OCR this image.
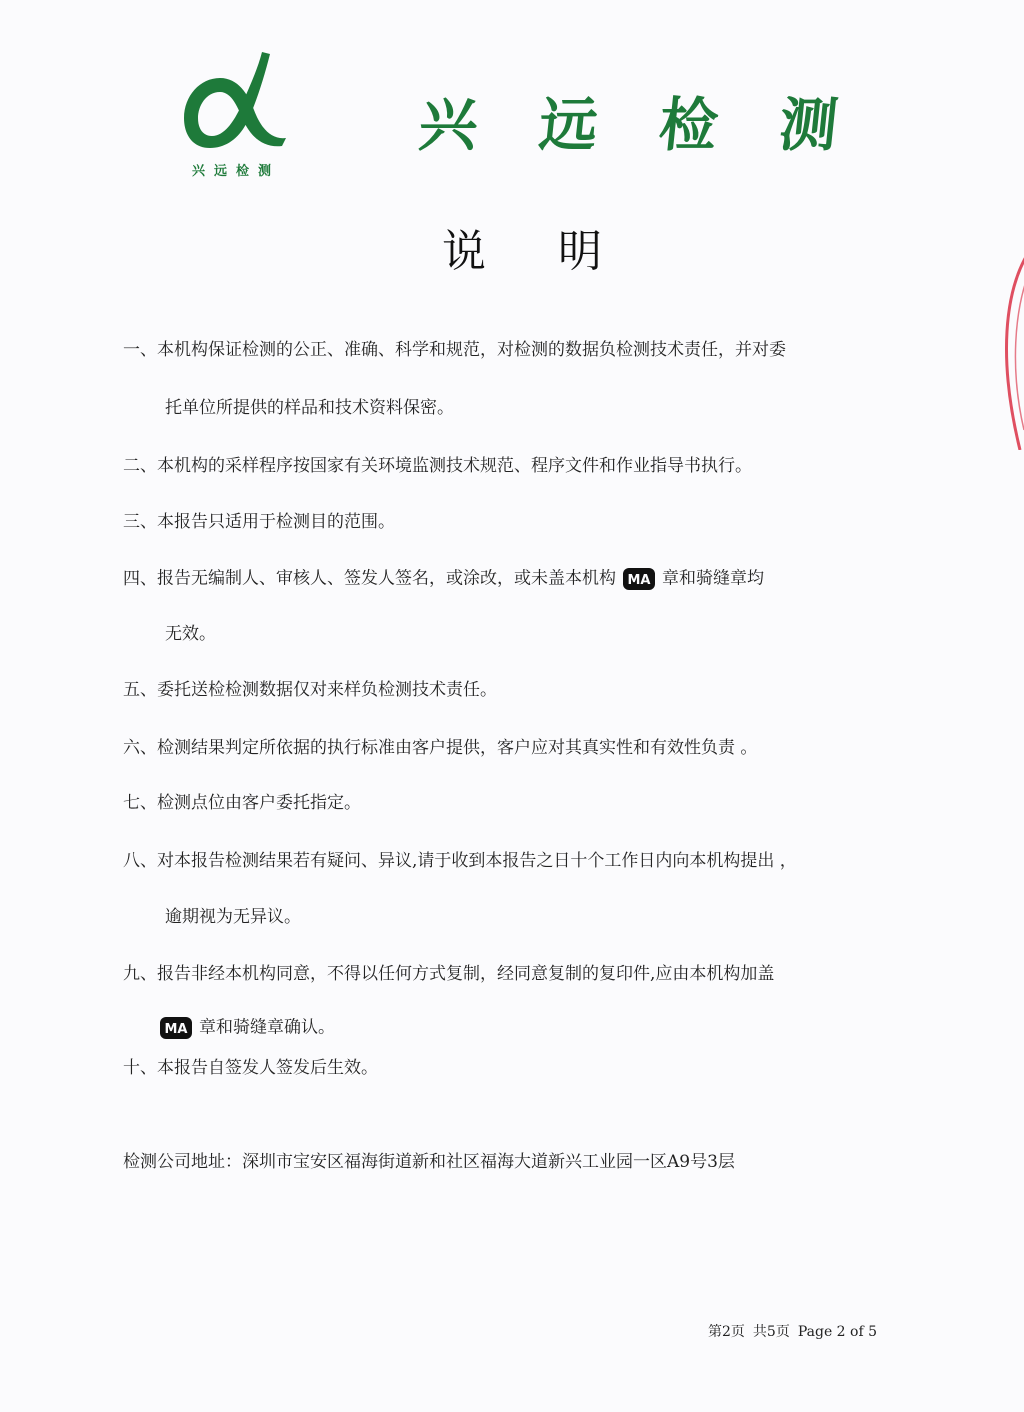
兴远检测
兴远检测
说明
一、本机构保证检测的公正、准确、科学和规范，对检测的数据负检测技术责任，并对委
托单位所提供的样品和技术资料保密。
二、本机构的采样程序按国家有关环境监测技术规范、程序文件和作业指导书执行。
三、本报告只适用于检测目的范围。
四、报告无编制人、审核人、签发人签名，或涂改，或未盖本机构 MA 章和骑缝章均
无效。
五、委托送检检测数据仅对来样负检测技术责任。
六、检测结果判定所依据的执行标准由客户提供，客户应对其真实性和有效性负责 。
七、检测点位由客户委托指定。
八、对本报告检测结果若有疑问、异议,请于收到本报告之日十个工作日内向本机构提出 ，
逾期视为无异议。
九、报告非经本机构同意，不得以任何方式复制，经同意复制的复印件,应由本机构加盖
MA 章和骑缝章确认。
十、本报告自签发人签发后生效。
检测公司地址：深圳市宝安区福海街道新和社区福海大道新兴工业园一区A9号3层
第2页 共5页 Page 2 of 5
